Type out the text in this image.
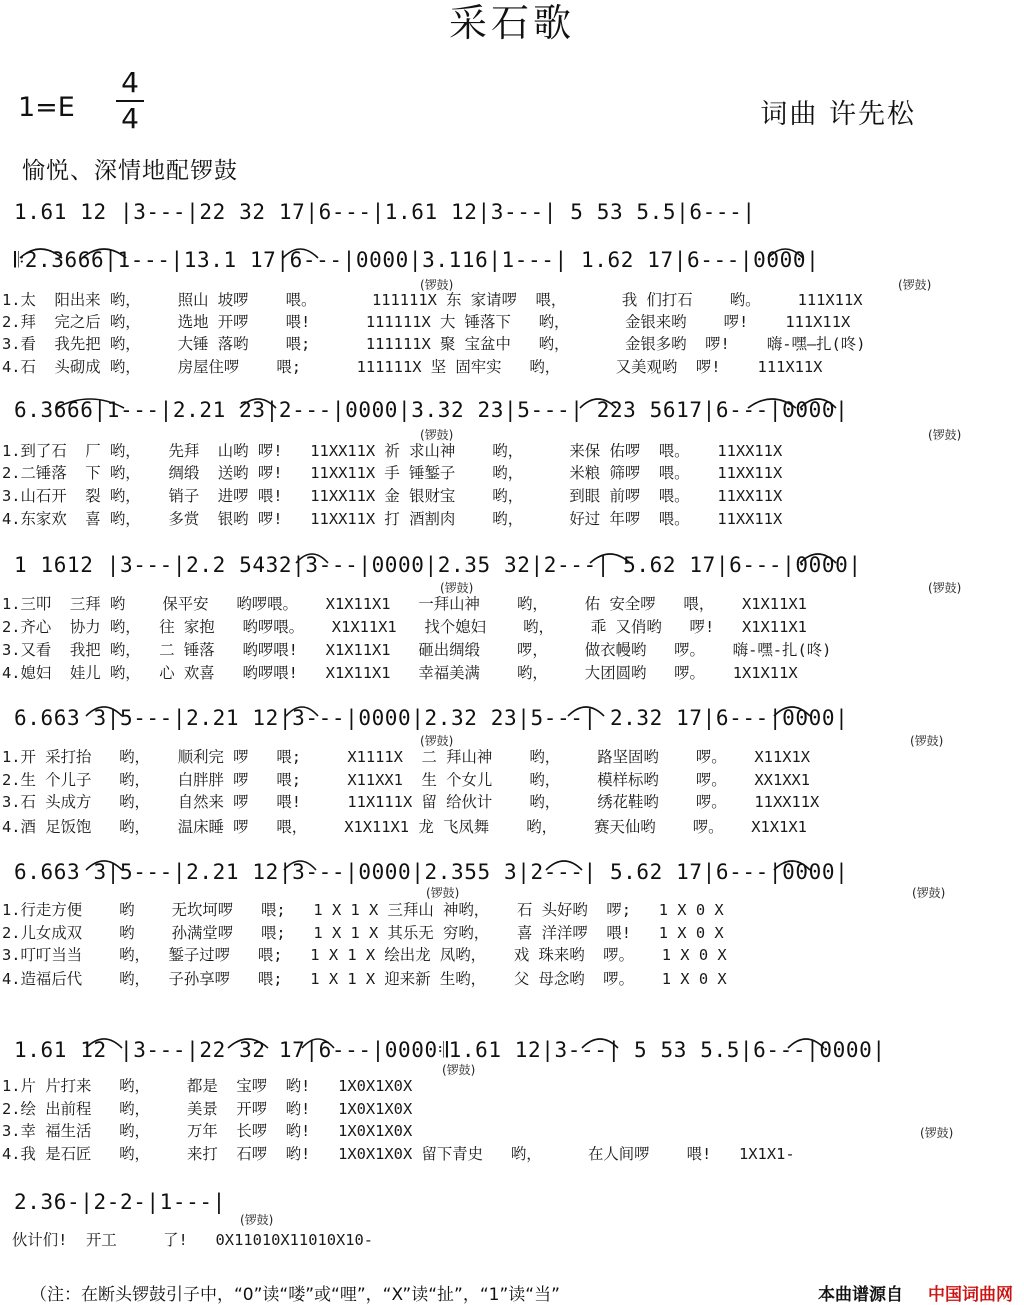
采石歌
1=E
4
4	词曲 许先松
愉悦、深情地配锣鼓
1.61 12 |3---|22 32 17|6---|1.61 12|3---| 5 53 5.5|6---|
𝄆2.3666|1---|13.1 17|6---|0000|3.116|1---| 1.62 17|6---|0000|
(锣鼓)	(锣鼓)
1.太  阳出来 哟，    照山 坡啰    喂。      111111X 东 家请啰  喂，      我 们打石    哟。    111X11X
2.拜  完之后 哟，    选地 开啰    喂!      111111X 大 锤落下   哟，      金银来哟    啰!    111X11X
3.看  我先把 哟，    大锤 落哟    喂;      111111X 聚 宝盆中   哟，      金银多哟  啰!    嗨-嘿—扎(咚)
4.石  头砌成 哟，    房屋住啰    喂;      111111X 坚 固牢实   哟，      又美观哟  啰!    111X11X
6.3666|1---|2.21 23|2---|0000|3.32 23|5---| 223 5617|6---|0000|
(锣鼓)	(锣鼓)
1.到了石  厂 哟，   先拜  山哟 啰!   11XX11X 祈 求山神    哟，     来保 佑啰  喂。   11XX11X
2.二锤落  下 哟，   绸缎  送哟 啰!   11XX11X 手 锤錾子    哟，     米粮 筛啰  喂。   11XX11X
3.山石开  裂 哟，   销子  进啰 喂!   11XX11X 金 银财宝    哟，     到眼 前啰  喂。   11XX11X
4.东家欢  喜 哟，   多赏  银哟 啰!   11XX11X 打 酒割肉    哟，     好过 年啰  喂。   11XX11X
1 1612 |3---|2.2 5432|3---|0000|2.35 32|2---| 5.62 17|6---|0000|
(锣鼓)	(锣鼓)
1.三叩  三拜 哟    保平安   哟啰喂。   X1X11X1   一拜山神    哟，    佑 安全啰   喂，   X1X11X1
2.齐心  协力 哟，  往 家抱   哟啰喂。   X1X11X1   找个媳妇    哟，    乖 又俏哟   啰!   X1X11X1
3.又看  我把 哟，  二 锤落   哟啰喂!   X1X11X1   砸出绸缎    啰，    做衣幔哟   啰。   嗨-嘿-扎(咚)
4.媳妇  娃儿 哟，  心 欢喜   哟啰喂!   X1X11X1   幸福美满    哟，    大团圆哟   啰。   1X1X11X
6.663 3|5---|2.21 12|3---|0000|2.32 23|5---| 2.32 17|6---|0000|
(锣鼓)	(锣鼓)
1.开 采打抬   哟，   顺利完 啰   喂;     X1111X  二 拜山神    哟，    路坚固哟    啰。   X11X1X
2.生 个儿子   哟，   白胖胖 啰   喂;     X11XX1  生 个女儿    哟，    模样标哟    啰。   XX1XX1
3.石 头成方   哟，   自然来 啰   喂!     11X111X 留 给伙计    哟，    绣花鞋哟    啰。   11XX11X
4.酒 足饭饱   哟，   温床睡 啰   喂，    X1X11X1 龙 飞凤舞    哟，    赛天仙哟    啰。   X1X1X1
6.663 3|5---|2.21 12|3---|0000|2.355 3|2---| 5.62 17|6---|0000|
(锣鼓)	(锣鼓)
1.行走方便    哟    无坎坷啰   喂;   1 X 1 X 三拜山 神哟，   石 头好哟  啰;   1 X 0 X
2.儿女成双    哟    孙满堂啰   喂;   1 X 1 X 其乐无 穷哟，   喜 洋洋啰  喂!   1 X 0 X
3.叮叮当当    哟，  錾子过啰   喂;   1 X 1 X 绘出龙 凤哟，   戏 珠来哟  啰。   1 X 0 X
4.造福后代    哟，  子孙享啰   喂;   1 X 1 X 迎来新 生哟，   父 母念哟  啰。   1 X 0 X
1.61 12 |3---|22 32 17|6---|0000𝄇1.61 12|3---| 5 53 5.5|6---|0000|
(锣鼓)
1.片 片打来   哟，    都是  宝啰  哟!   1X0X1X0X
2.绘 出前程   哟，    美景  开啰  哟!   1X0X1X0X
3.幸 福生活   哟，    万年  长啰  哟!   1X0X1X0X	(锣鼓)
4.我 是石匠   哟，    来打  石啰  哟!   1X0X1X0X 留下青史   哟，     在人间啰    喂!   1X1X1-
2.36-|2-2-|1---|
(锣鼓)
伙计们!  开工     了!   0X11010X11010X10-
（注：在断头锣鼓引子中，“0”读“喽”或“哩”，“X”读“扯”，“1”读“当”	本曲谱源自 中国词曲网
